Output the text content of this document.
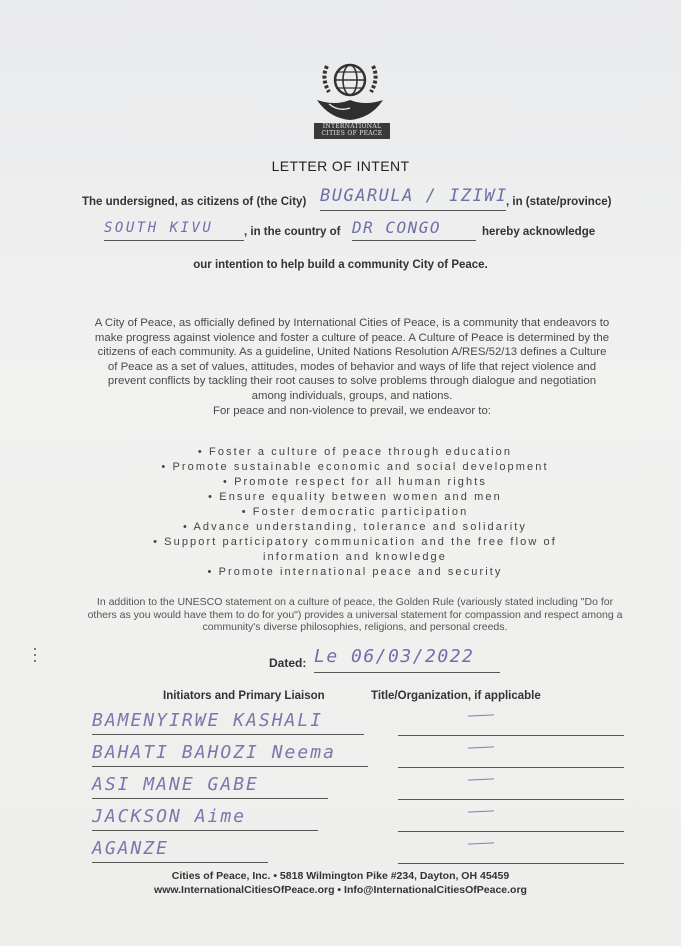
INTERNATIONAL
CITIES OF PEACE
LETTER OF INTENT
The undersigned, as citizens of (the City) BUGARULA / IZIWI
, in (state/province)
SOUTH KIVU	, in the country of DR CONGO	hereby acknowledge
our intention to help build a community City of Peace.

A City of Peace, as officially defined by International Cities of Peace, is a community that endeavors to make progress against violence and foster a culture of peace. A Culture of Peace is determined by the citizens of each community. As a guideline, United Nations Resolution A/RES/52/13 defines a Culture of Peace as a set of values, attitudes, modes of behavior and ways of life that reject violence and prevent conflicts by tackling their root causes to solve problems through dialogue and negotiation among individuals, groups, and nations.

For peace and non-violence to prevail, we endeavor to:

• Foster a culture of peace through education
• Promote sustainable economic and social development
• Promote respect for all human rights
• Ensure equality between women and men
• Foster democratic participation
• Advance understanding, tolerance and solidarity
• Support participatory communication and the free flow of
information and knowledge
• Promote international peace and security
In addition to the UNESCO statement on a culture of peace, the Golden Rule (variously stated including "Do for others as you would have them to do for you") provides a universal statement for compassion and respect among a community's diverse philosophies, religions, and personal creeds.
Dated: Le 06/03/2022
Initiators and Primary Liaison	Title/Organization, if applicable
BAMENYIRWE KASHALI
BAHATI BAHOZI Neema
ASI MANE GABE
JACKSON Aime
AGANZE
Cities of Peace, Inc. • 5818 Wilmington Pike #234, Dayton, OH 45459
www.InternationalCitiesOfPeace.org • Info@InternationalCitiesOfPeace.org
